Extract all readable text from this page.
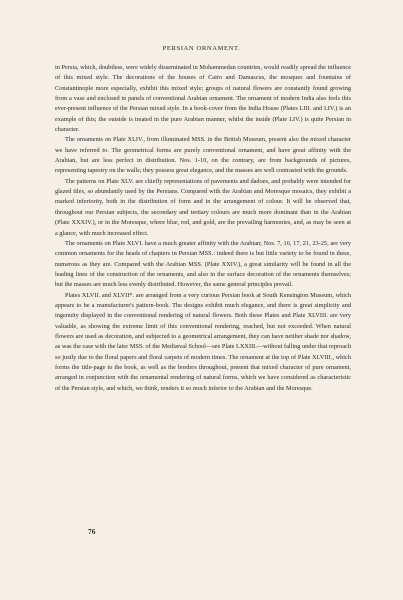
PERSIAN ORNAMENT.

in Persia, which, doubtless, were widely disseminated in Mohammedan countries, would readily spread the influence of this mixed style. The decorations of the houses of Cairo and Damascus, the mosques and fountains of Constantinople more especially, exhibit this mixed style; groups of natural flowers are constantly found growing from a vase and enclosed in panels of conventional Arabian ornament. The ornament of modern India also feels this ever-present influence of the Persian mixed style. In a book-cover from the India House (Plates LIII. and LIV.) is an example of this; the outside is treated in the pure Arabian manner, whilst the inside (Plate LIV.) is quite Persian in character.

The ornaments on Plate XLIV., from illuminated MSS. in the British Museum, present also the mixed character we have referred to. The geometrical forms are purely conventional ornament, and have great affinity with the Arabian, but are less perfect in distribution. Nos. 1-10, on the contrary, are from backgrounds of pictures, representing tapestry on the walls; they possess great elegance, and the masses are well contrasted with the grounds.

The patterns on Plate XLV. are chiefly representations of pavements and dadoes, and probably were intended for glazed tiles, so abundantly used by the Persians. Compared with the Arabian and Moresque mosaics, they exhibit a marked inferiority, both in the distribution of form and in the arrangement of colour. It will be observed that, throughout our Persian subjects, the secondary and tertiary colours are much more dominant than in the Arabian (Plate XXXIV.), or in the Moresque, where blue, red, and gold, are the prevailing harmonies, and, as may be seen at a glance, with much increased effect.

The ornaments on Plate XLVI. have a much greater affinity with the Arabian; Nos. 7, 16, 17, 21, 23-25, are very common ornaments for the heads of chapters in Persian MSS.: indeed there is but little variety to be found in these, numerous as they are. Compared with the Arabian MSS. (Plate XXIV.), a great similarity will be found in all the leading lines of the construction of the ornaments, and also in the surface decoration of the ornaments themselves; but the masses are much less evenly distributed. However, the same general principles prevail.

Plates XLVII. and XLVII*. are arranged from a very curious Persian book at South Kensington Museum, which appears to be a manufacturer's pattern-book. The designs exhibit much elegance, and there is great simplicity and ingenuity displayed in the conventional rendering of natural flowers. Both these Plates and Plate XLVIII. are very valuable, as showing the extreme limit of this conventional rendering, reached, but not exceeded. When natural flowers are used as decoration, and subjected to a geometrical arrangement, they can have neither shade nor shadow, as was the case with the later MSS. of the Mediæval School—see Plate LXXIII.—without falling under that reproach so justly due to the floral papers and floral carpets of modern times. The ornament at the top of Plate XLVIII., which forms the title-page to the book, as well as the borders throughout, present that mixed character of pure ornament, arranged in conjunction with the ornamental rendering of natural forms, which we have considered as characteristic of the Persian style, and which, we think, renders it so much inferior to the Arabian and the Moresque.

76
